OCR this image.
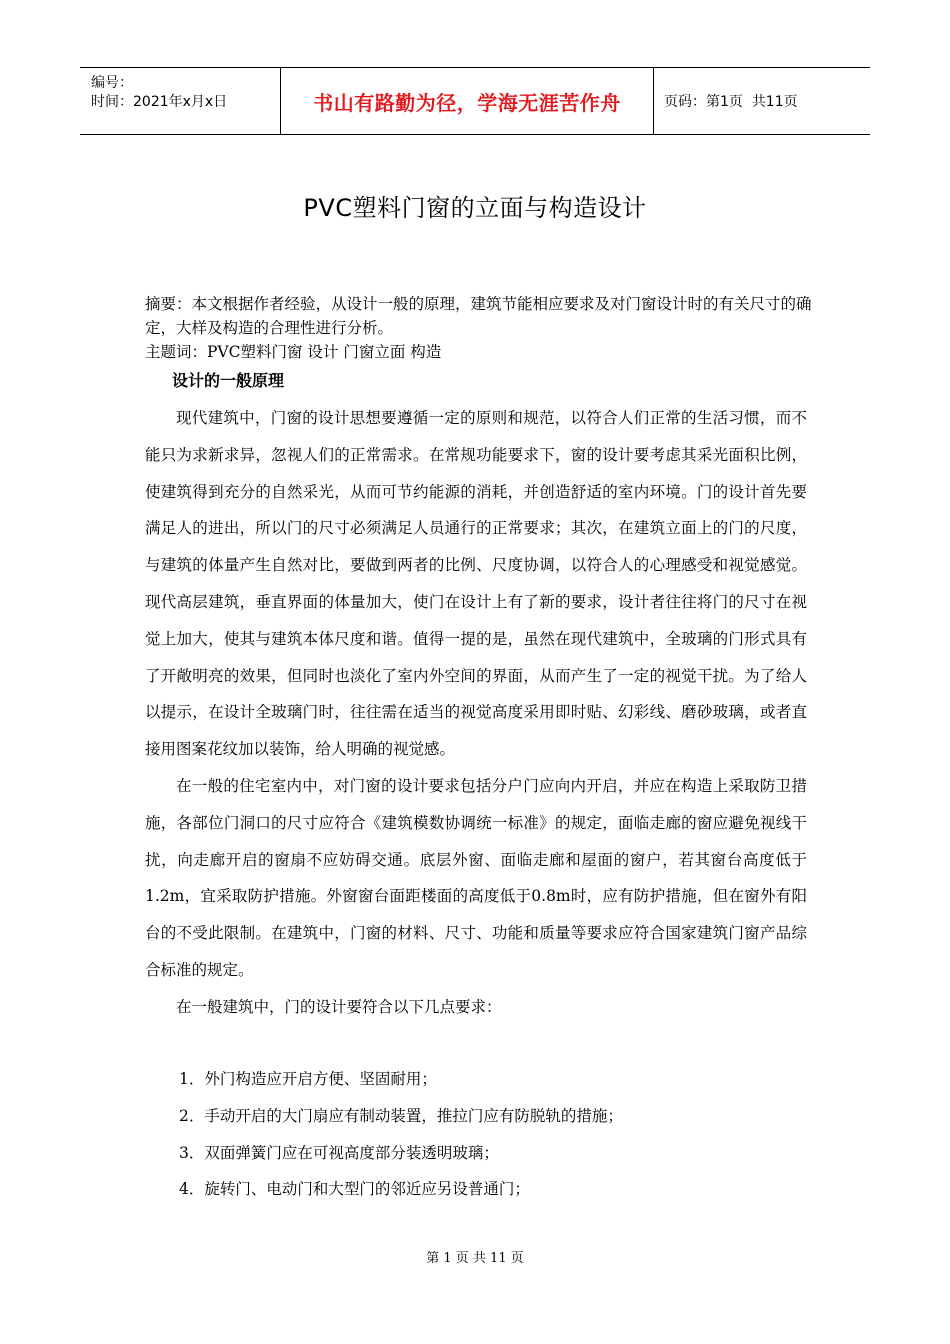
编号：
时间：2021年x月x日	书山有路勤为径，学海无涯苦作舟	页码：第1页  共11页
PVC塑料门窗的立面与构造设计

摘要：本文根据作者经验，从设计一般的原理，建筑节能相应要求及对门窗设计时的有关尺寸的确定，大样及构造的合理性进行分析。

主题词：PVC塑料门窗 设计 门窗立面 构造

设计的一般原理

现代建筑中，门窗的设计思想要遵循一定的原则和规范，以符合人们正常的生活习惯，而不能只为求新求异，忽视人们的正常需求。在常规功能要求下，窗的设计要考虑其采光面积比例，使建筑得到充分的自然采光，从而可节约能源的消耗，并创造舒适的室内环境。门的设计首先要满足人的进出，所以门的尺寸必须满足人员通行的正常要求；其次，在建筑立面上的门的尺度，与建筑的体量产生自然对比，要做到两者的比例、尺度协调，以符合人的心理感受和视觉感觉。现代高层建筑，垂直界面的体量加大，使门在设计上有了新的要求，设计者往往将门的尺寸在视觉上加大，使其与建筑本体尺度和谐。值得一提的是，虽然在现代建筑中，全玻璃的门形式具有了开敞明亮的效果，但同时也淡化了室内外空间的界面，从而产生了一定的视觉干扰。为了给人以提示，在设计全玻璃门时，往往需在适当的视觉高度采用即时贴、幻彩线、磨砂玻璃，或者直接用图案花纹加以装饰，给人明确的视觉感。

在一般的住宅室内中，对门窗的设计要求包括分户门应向内开启，并应在构造上采取防卫措施，各部位门洞口的尺寸应符合《建筑模数协调统一标准》的规定，面临走廊的窗应避免视线干扰，向走廊开启的窗扇不应妨碍交通。底层外窗、面临走廊和屋面的窗户，若其窗台高度低于1.2m，宜采取防护措施。外窗窗台面距楼面的高度低于0.8m时，应有防护措施，但在窗外有阳台的不受此限制。在建筑中，门窗的材料、尺寸、功能和质量等要求应符合国家建筑门窗产品综合标准的规定。

在一般建筑中，门的设计要符合以下几点要求：

1．外门构造应开启方便、坚固耐用；
2．手动开启的大门扇应有制动装置，推拉门应有防脱轨的措施；
3．双面弹簧门应在可视高度部分装透明玻璃；
4．旋转门、电动门和大型门的邻近应另设普通门；
第 1 页 共 11 页
